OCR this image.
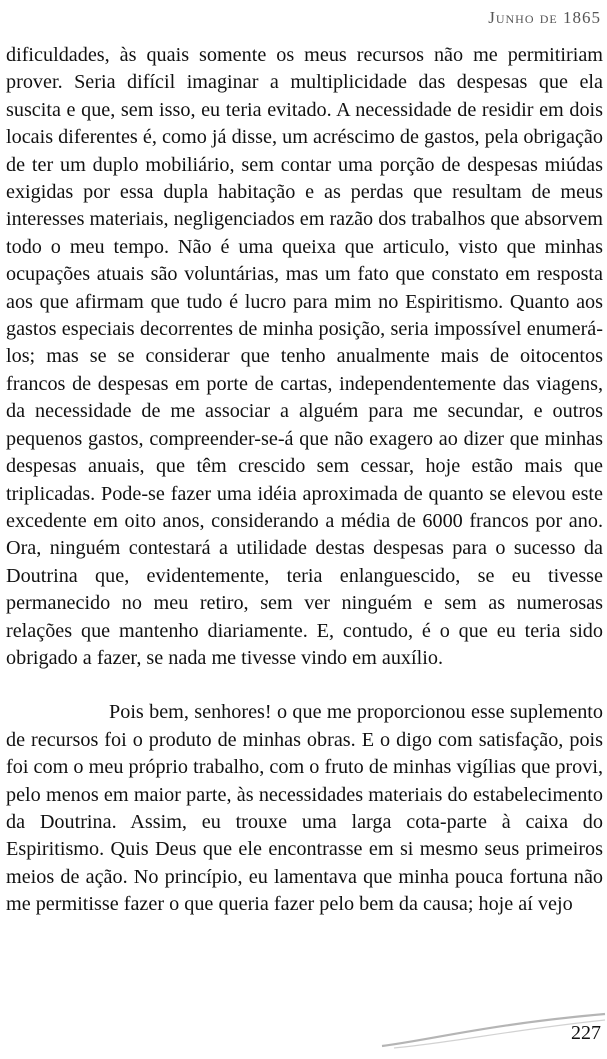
Junho de 1865

dificuldades, às quais somente os meus recursos não me permitiriam prover. Seria difícil imaginar a multiplicidade das despesas que ela suscita e que, sem isso, eu teria evitado. A necessidade de residir em dois locais diferentes é, como já disse, um acréscimo de gastos, pela obrigação de ter um duplo mobiliário, sem contar uma porção de despesas miúdas exigidas por essa dupla habitação e as perdas que resultam de meus interesses materiais, negligenciados em razão dos trabalhos que absorvem todo o meu tempo. Não é uma queixa que articulo, visto que minhas ocupações atuais são voluntárias, mas um fato que constato em resposta aos que afirmam que tudo é lucro para mim no Espiritismo. Quanto aos gastos especiais decorrentes de minha posição, seria impossível enumerá-los; mas se se considerar que tenho anualmente mais de oitocentos francos de despesas em porte de cartas, independentemente das viagens, da necessidade de me associar a alguém para me secundar, e outros pequenos gastos, compreender-se-á que não exagero ao dizer que minhas despesas anuais, que têm crescido sem cessar, hoje estão mais que triplicadas. Pode-se fazer uma idéia aproximada de quanto se elevou este excedente em oito anos, considerando a média de 6000 francos por ano. Ora, ninguém contestará a utilidade destas despesas para o sucesso da Doutrina que, evidentemente, teria enlanguescido, se eu tivesse permanecido no meu retiro, sem ver ninguém e sem as numerosas relações que mantenho diariamente. E, contudo, é o que eu teria sido obrigado a fazer, se nada me tivesse vindo em auxílio.

Pois bem, senhores! o que me proporcionou esse suplemento de recursos foi o produto de minhas obras. E o digo com satisfação, pois foi com o meu próprio trabalho, com o fruto de minhas vigílias que provi, pelo menos em maior parte, às necessidades materiais do estabelecimento da Doutrina. Assim, eu trouxe uma larga cota-parte à caixa do Espiritismo. Quis Deus que ele encontrasse em si mesmo seus primeiros meios de ação. No princípio, eu lamentava que minha pouca fortuna não me permitisse fazer o que queria fazer pelo bem da causa; hoje aí vejo

227
